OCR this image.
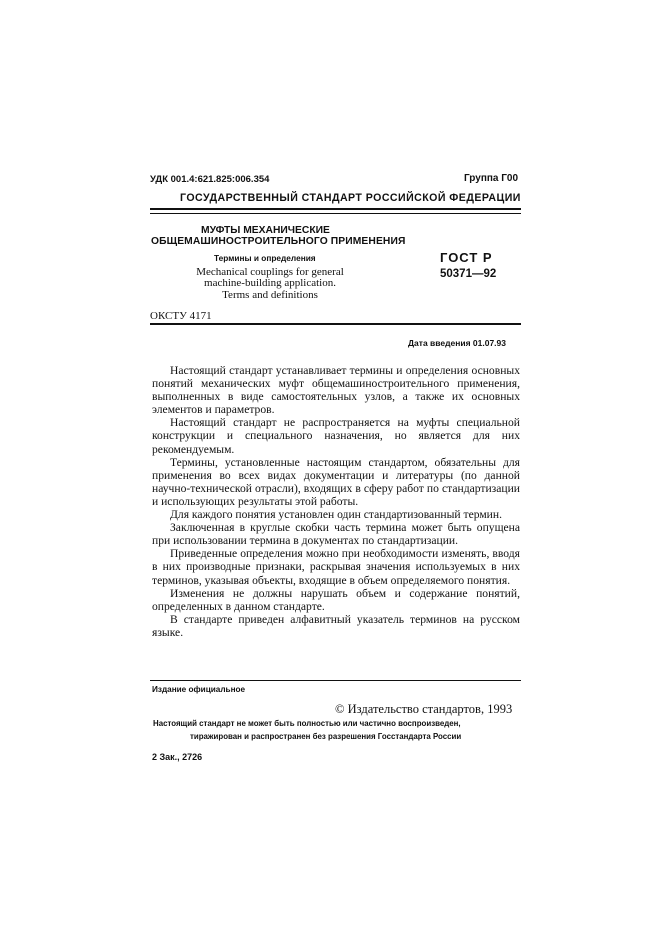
УДК 001.4:621.825:006.354	Группа Г00
ГОСУДАРСТВЕННЫЙ СТАНДАРТ РОССИЙСКОЙ ФЕДЕРАЦИИ
МУФТЫ МЕХАНИЧЕСКИЕ
ОБЩЕМАШИНОСТРОИТЕЛЬНОГО ПРИМЕНЕНИЯ
Термины и определения
Mechanical couplings for general
machine-building application.
Terms and definitions
ГОСТ Р
50371—92
ОКСТУ 4171
Дата введения 01.07.93

Настоящий стандарт устанавливает термины и определения основных понятий механических муфт общемашиностроительного применения, выполненных в виде самостоятельных узлов, а также их основных элементов и параметров.

Настоящий стандарт не распространяется на муфты специальной конструкции и специального назначения, но является для них рекомендуемым.

Термины, установленные настоящим стандартом, обязательны для применения во всех видах документации и литературы (по данной научно-технической отрасли), входящих в сферу работ по стандартизации и использующих результаты этой работы.

Для каждого понятия установлен один стандартизованный термин.

Заключенная в круглые скобки часть термина может быть опущена при использовании термина в документах по стандартизации.

Приведенные определения можно при необходимости изменять, вводя в них производные признаки, раскрывая значения используемых в них терминов, указывая объекты, входящие в объем определяемого понятия.

Изменения не должны нарушать объем и содержание понятий, определенных в данном стандарте.

В стандарте приведен алфавитный указатель терминов на русском языке.

Издание официальное
© Издательство стандартов, 1993
Настоящий стандарт не может быть полностью или частично воспроизведен,
тиражирован и распространен без разрешения Госстандарта России
2 Зак., 2726
